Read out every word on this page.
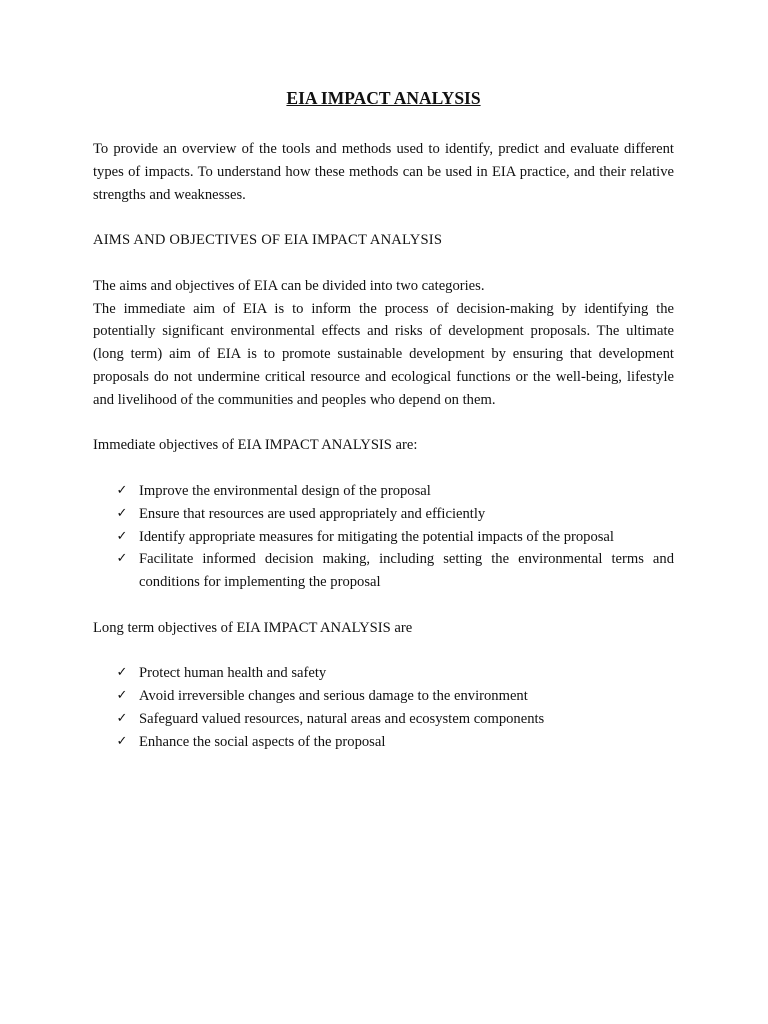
EIA IMPACT ANALYSIS

To provide an overview of the tools and methods used to identify, predict and evaluate different types of impacts. To understand how these methods can be used in EIA practice, and their relative strengths and weaknesses.

AIMS AND OBJECTIVES OF EIA IMPACT ANALYSIS

The aims and objectives of EIA can be divided into two categories.

The immediate aim of EIA is to inform the process of decision-making by identifying the potentially significant environmental effects and risks of development proposals. The ultimate (long term) aim of EIA is to promote sustainable development by ensuring that development proposals do not undermine critical resource and ecological functions or the well-being, lifestyle and livelihood of the communities and peoples who depend on them.

Immediate objectives of EIA IMPACT ANALYSIS are:

✓ Improve the environmental design of the proposal
✓ Ensure that resources are used appropriately and efficiently
✓ Identify appropriate measures for mitigating the potential impacts of the proposal
✓ Facilitate informed decision making, including setting the environmental terms and conditions for implementing the proposal

Long term objectives of EIA IMPACT ANALYSIS are

✓ Protect human health and safety
✓ Avoid irreversible changes and serious damage to the environment
✓ Safeguard valued resources, natural areas and ecosystem components
✓ Enhance the social aspects of the proposal
